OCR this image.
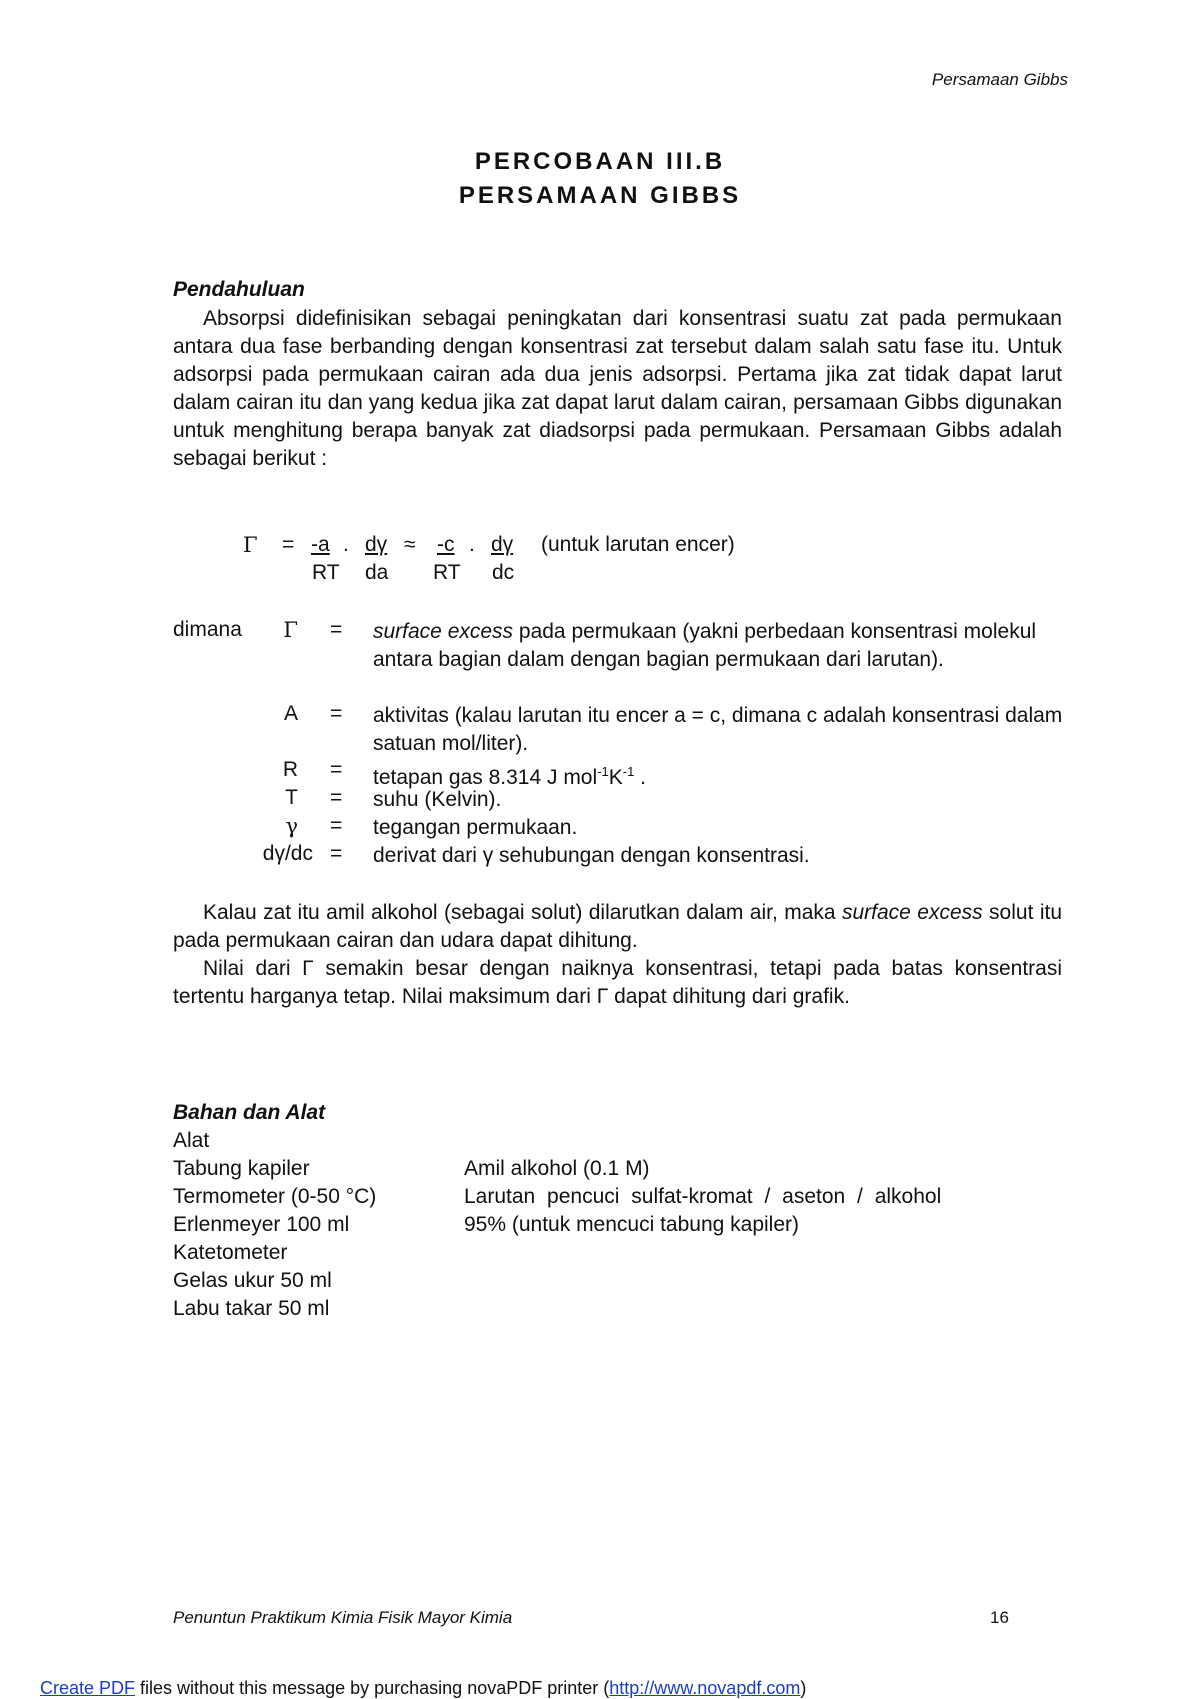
Persamaan Gibbs
PERCOBAAN III.B
PERSAMAAN GIBBS
Pendahuluan
Absorpsi didefinisikan sebagai peningkatan dari konsentrasi suatu zat pada permukaan antara dua fase berbanding dengan konsentrasi zat tersebut dalam salah satu fase itu. Untuk adsorpsi pada permukaan cairan ada dua jenis adsorpsi. Pertama jika zat tidak dapat larut dalam cairan itu dan yang kedua jika zat dapat larut dalam cairan, persamaan Gibbs digunakan untuk menghitung berapa banyak zat diadsorpsi pada permukaan. Persamaan Gibbs adalah sebagai berikut :
Γ = -a . dγ ≈ -c . dγ (untuk larutan encer)
RT da RT dc
dimana	Γ = surface excess pada permukaan (yakni perbedaan konsentrasi molekul antara bagian dalam dengan bagian permukaan dari larutan).
A = aktivitas (kalau larutan itu encer a = c, dimana c adalah konsentrasi dalam satuan mol/liter).
R = tetapan gas 8.314 J $mol^{-1}K^{-1}$ .
T = suhu (Kelvin).
γ = tegangan permukaan.
dγ/dc = derivat dari γ sehubungan dengan konsentrasi.
Kalau zat itu amil alkohol (sebagai solut) dilarutkan dalam air, maka surface excess solut itu pada permukaan cairan dan udara dapat dihitung.
Nilai dari Γ semakin besar dengan naiknya konsentrasi, tetapi pada batas konsentrasi tertentu harganya tetap. Nilai maksimum dari Γ dapat dihitung dari grafik.
Bahan dan Alat
Alat
Tabung kapiler
Termometer (0-50 °C)
Erlenmeyer 100 ml
Katetometer
Gelas ukur 50 ml
Labu takar 50 ml
Amil alkohol (0.1 M)
Larutan pencuci sulfat-kromat / aseton / alkohol
95% (untuk mencuci tabung kapiler)
Penuntun Praktikum Kimia Fisik Mayor Kimia	16
Create PDF files without this message by purchasing novaPDF printer (http://www.novapdf.com)
